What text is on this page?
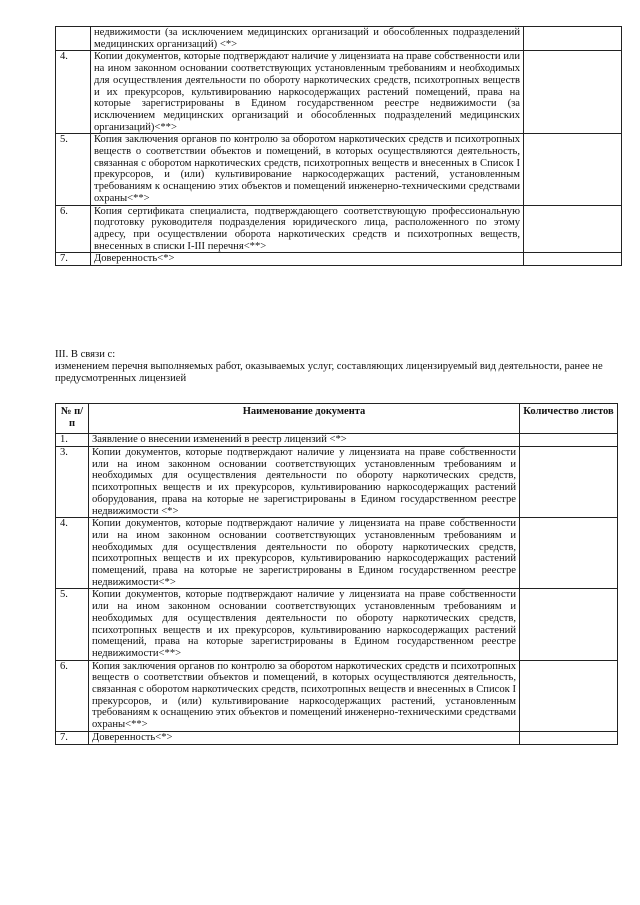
	недвижимости (за исключением медицинских организаций и обособленных подразделений медицинских организаций) <*>	
4.	Копии документов, которые подтверждают наличие у лицензиата на праве собственности или на ином законном основании соответствующих установленным требованиям и необходимых для осуществления деятельности по обороту наркотических средств, психотропных веществ и их прекурсоров, культивированию наркосодержащих растений помещений, права на которые зарегистрированы в Едином государственном реестре недвижимости (за исключением медицинских организаций и обособленных подразделений медицинских организаций)<**>	
5.	Копия заключения органов по контролю за оборотом наркотических средств и психотропных веществ о соответствии объектов и помещений, в которых осуществляются деятельность, связанная с оборотом наркотических средств, психотропных веществ и внесенных в Список I прекурсоров, и (или) культивирование наркосодержащих растений, установленным требованиям к оснащению этих объектов и помещений инженерно-техническими средствами охраны<**>	
6.	Копия сертификата специалиста, подтверждающего соответствующую профессиональную подготовку руководителя подразделения юридического лица, расположенного по этому адресу, при осуществлении оборота наркотических средств и психотропных веществ, внесенных в списки I-III перечня<**>	
7.	Доверенность<*>	
III. В связи с:
изменением перечня выполняемых работ, оказываемых услуг, составляющих лицензируемый вид деятельности, ранее не предусмотренных лицензией
№ п/п	Наименование документа	Количество листов
1.	Заявление о внесении изменений в реестр лицензий <*>	
3.	Копии документов, которые подтверждают наличие у лицензиата на праве собственности или на ином законном основании соответствующих установленным требованиям и необходимых для осуществления деятельности по обороту наркотических средств, психотропных веществ и их прекурсоров, культивированию наркосодержащих растений оборудования, права на которые не зарегистрированы в Едином государственном реестре недвижимости <*>	
4.	Копии документов, которые подтверждают наличие у лицензиата на праве собственности или на ином законном основании соответствующих установленным требованиям и необходимых для осуществления деятельности по обороту наркотических средств, психотропных веществ и их прекурсоров, культивированию наркосодержащих растений помещений, права на которые не зарегистрированы в Едином государственном реестре недвижимости<*>	
5.	Копии документов, которые подтверждают наличие у лицензиата на праве собственности или на ином законном основании соответствующих установленным требованиям и необходимых для осуществления деятельности по обороту наркотических средств, психотропных веществ и их прекурсоров, культивированию наркосодержащих растений помещений, права на которые зарегистрированы в Едином государственном реестре недвижимости<**>	
6.	Копия заключения органов по контролю за оборотом наркотических средств и психотропных веществ о соответствии объектов и помещений, в которых осуществляются деятельность, связанная с оборотом наркотических средств, психотропных веществ и внесенных в Список I прекурсоров, и (или) культивирование наркосодержащих растений, установленным требованиям к оснащению этих объектов и помещений инженерно-техническими средствами охраны<**>	
7.	Доверенность<*>	
